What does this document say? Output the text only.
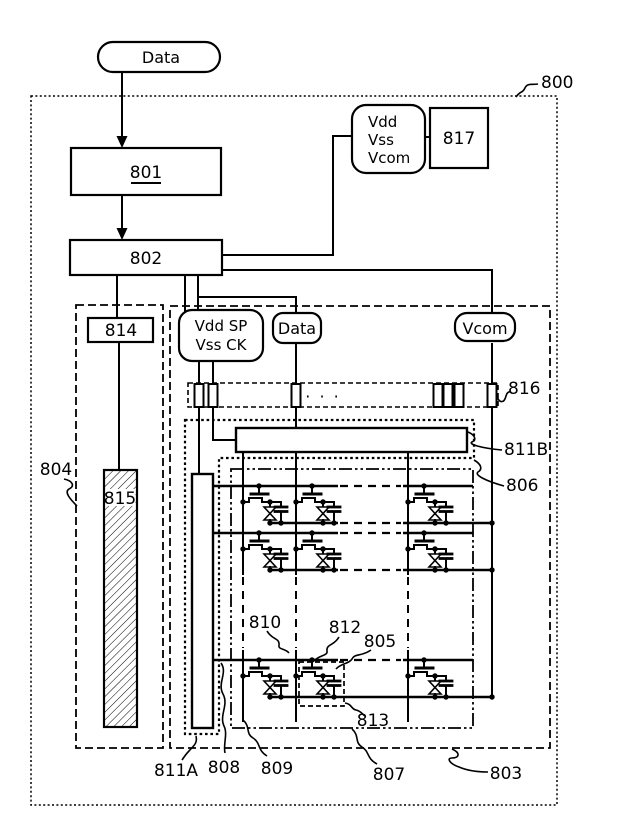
Data
801
802
Vdd
Vss
Vcom
817
814
815
Vdd SP
Vss CK
Data	Vcom
· · ·
800
804
816
811B
806
810	812
805
813
811A 808 809	807	803
